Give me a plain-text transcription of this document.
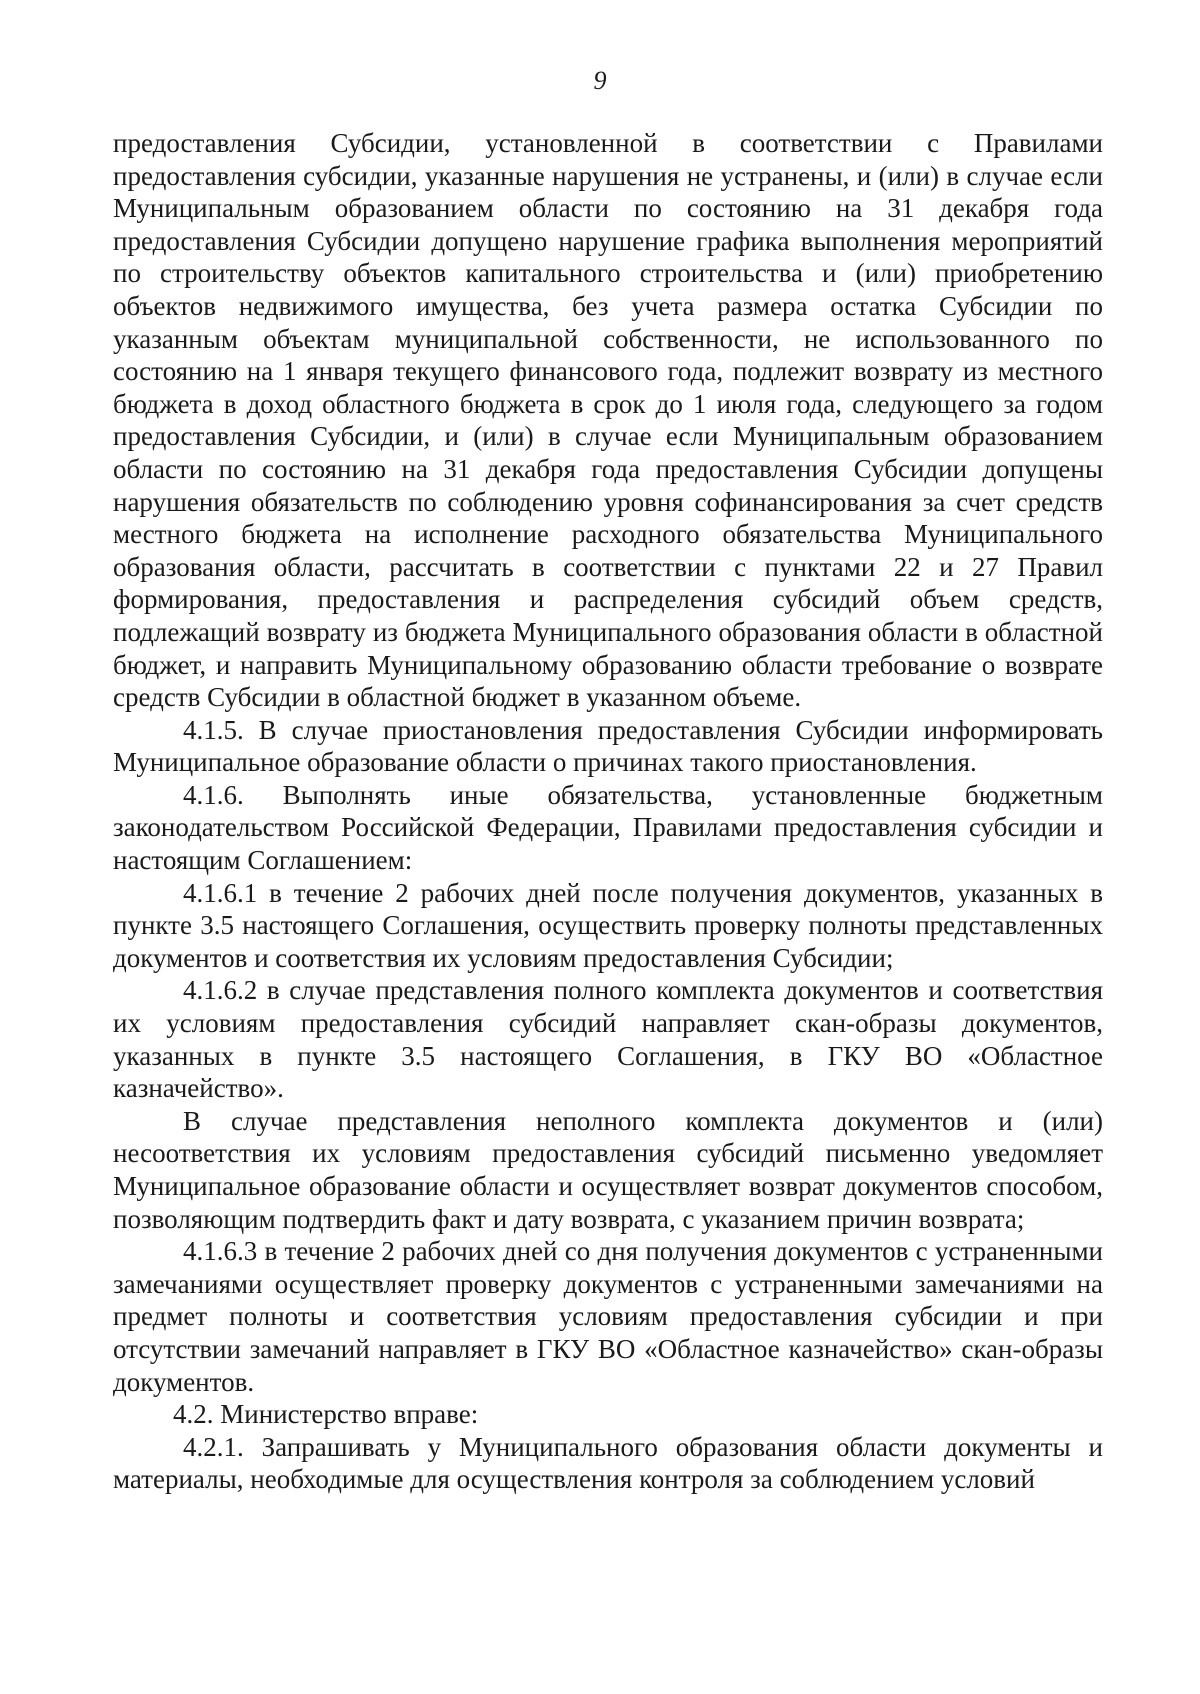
9

предоставления Субсидии, установленной в соответствии с Правилами предоставления субсидии, указанные нарушения не устранены, и (или) в случае если Муниципальным образованием области по состоянию на 31 декабря года предоставления Субсидии допущено нарушение графика выполнения мероприятий по строительству объектов капитального строительства и (или) приобретению объектов недвижимого имущества, без учета размера остатка Субсидии по указанным объектам муниципальной собственности, не использованного по состоянию на 1 января текущего финансового года, подлежит возврату из местного бюджета в доход областного бюджета в срок до 1 июля года, следующего за годом предоставления Субсидии, и (или) в случае если Муниципальным образованием области по состоянию на 31 декабря года предоставления Субсидии допущены нарушения обязательств по соблюдению уровня софинансирования за счет средств местного бюджета на исполнение расходного обязательства Муниципального образования области, рассчитать в соответствии с пунктами 22 и 27 Правил формирования, предоставления и распределения субсидий объем средств, подлежащий возврату из бюджета Муниципального образования области в областной бюджет, и направить Муниципальному образованию области требование о возврате средств Субсидии в областной бюджет в указанном объеме.

4.1.5. В случае приостановления предоставления Субсидии информировать Муниципальное образование области о причинах такого приостановления.

4.1.6. Выполнять иные обязательства, установленные бюджетным законодательством Российской Федерации, Правилами предоставления субсидии и настоящим Соглашением:

4.1.6.1 в течение 2 рабочих дней после получения документов, указанных в пункте 3.5 настоящего Соглашения, осуществить проверку полноты представленных документов и соответствия их условиям предоставления Субсидии;

4.1.6.2 в случае представления полного комплекта документов и соответствия их условиям предоставления субсидий направляет скан-образы документов, указанных в пункте 3.5 настоящего Соглашения, в ГКУ ВО «Областное казначейство».

В случае представления неполного комплекта документов и (или) несоответствия их условиям предоставления субсидий письменно уведомляет Муниципальное образование области и осуществляет возврат документов способом, позволяющим подтвердить факт и дату возврата, с указанием причин возврата;

4.1.6.3 в течение 2 рабочих дней со дня получения документов с устраненными замечаниями осуществляет проверку документов с устраненными замечаниями на предмет полноты и соответствия условиям предоставления субсидии и при отсутствии замечаний направляет в ГКУ ВО «Областное казначейство» скан-образы документов.

4.2. Министерство вправе:

4.2.1. Запрашивать у Муниципального образования области документы и материалы, необходимые для осуществления контроля за соблюдением условий
